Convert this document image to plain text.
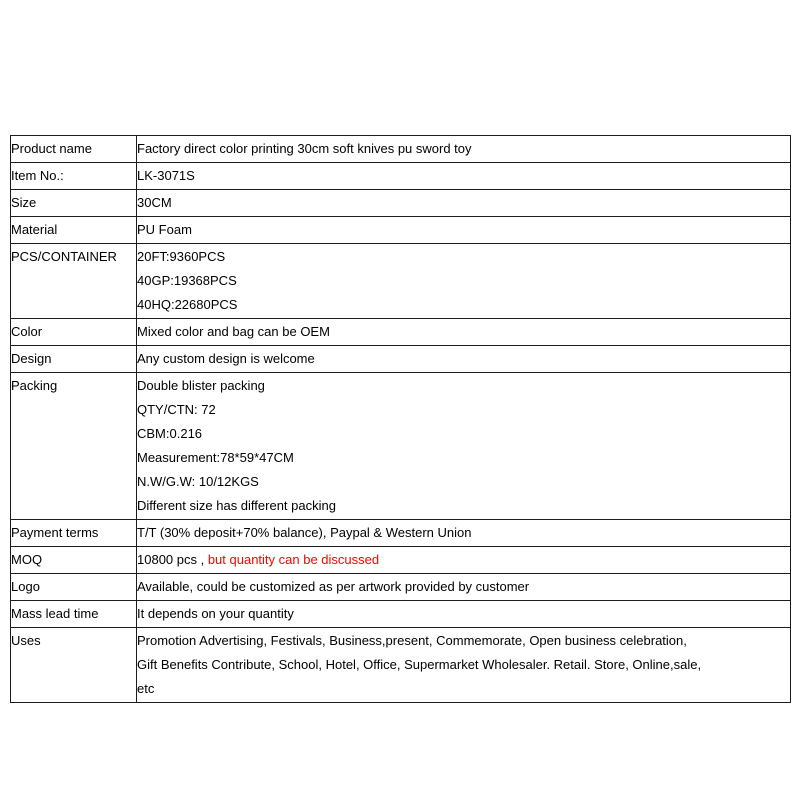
Product name	Factory direct color printing 30cm soft knives pu sword toy

Item No.:	LK-3071S

Size	30CM

Material	PU Foam

PCS/CONTAINER	20FT:9360PCS
40GP:19368PCS
40HQ:22680PCS

Color	Mixed color and bag can be OEM

Design	Any custom design is welcome

Packing	Double blister packing
QTY/CTN: 72
CBM:0.216
Measurement:78*59*47CM
N.W/G.W: 10/12KGS
Different size has different packing

Payment terms	T/T (30% deposit+70% balance), Paypal & Western Union

MOQ	10800 pcs , but quantity can be discussed

Logo	Available, could be customized as per artwork provided by customer

Mass lead time	It depends on your quantity

Uses	Promotion Advertising, Festivals, Business,present, Commemorate, Open business celebration,
Gift Benefits Contribute, School, Hotel, Office, Supermarket Wholesaler. Retail. Store, Online,sale,
etc
